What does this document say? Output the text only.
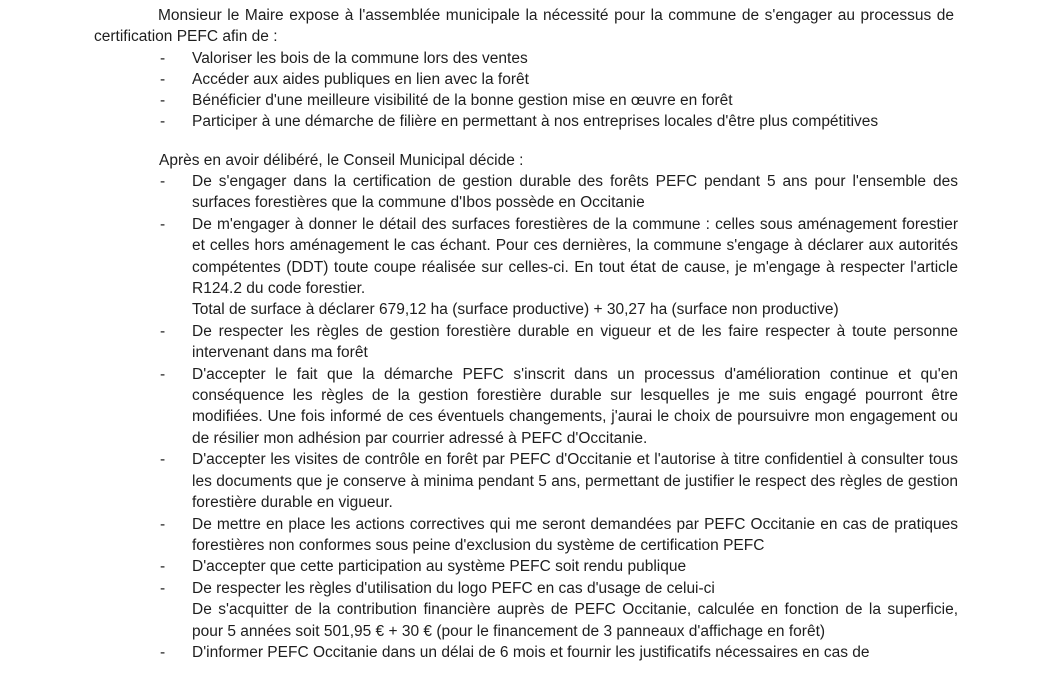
Monsieur le Maire expose à l'assemblée municipale la nécessité pour la commune de s'engager au processus de certification PEFC afin de :
- Valoriser les bois de la commune lors des ventes
- Accéder aux aides publiques en lien avec la forêt
- Bénéficier d'une meilleure visibilité de la bonne gestion mise en œuvre en forêt
- Participer à une démarche de filière en permettant à nos entreprises locales d'être plus compétitives
Après en avoir délibéré, le Conseil Municipal décide :
- De s'engager dans la certification de gestion durable des forêts PEFC pendant 5 ans pour l'ensemble des surfaces forestières que la commune d'Ibos possède en Occitanie
- De m'engager à donner le détail des surfaces forestières de la commune : celles sous aménagement forestier et celles hors aménagement le cas échant. Pour ces dernières, la commune s'engage à déclarer aux autorités compétentes (DDT) toute coupe réalisée sur celles-ci. En tout état de cause, je m'engage à respecter l'article R124.2 du code forestier.
Total de surface à déclarer 679,12 ha (surface productive) + 30,27 ha (surface non productive)
- De respecter les règles de gestion forestière durable en vigueur et de les faire respecter à toute personne intervenant dans ma forêt
- D'accepter le fait que la démarche PEFC s'inscrit dans un processus d'amélioration continue et qu'en conséquence les règles de la gestion forestière durable sur lesquelles je me suis engagé pourront être modifiées. Une fois informé de ces éventuels changements, j'aurai le choix de poursuivre mon engagement ou de résilier mon adhésion par courrier adressé à PEFC d'Occitanie.
- D'accepter les visites de contrôle en forêt par PEFC d'Occitanie et l'autorise à titre confidentiel à consulter tous les documents que je conserve à minima pendant 5 ans, permettant de justifier le respect des règles de gestion forestière durable en vigueur.
- De mettre en place les actions correctives qui me seront demandées par PEFC Occitanie en cas de pratiques forestières non conformes sous peine d'exclusion du système de certification PEFC
- D'accepter que cette participation au système PEFC soit rendu publique
- De respecter les règles d'utilisation du logo PEFC en cas d'usage de celui-ci
De s'acquitter de la contribution financière auprès de PEFC Occitanie, calculée en fonction de la superficie, pour 5 années soit 501,95 € + 30 € (pour le financement de 3 panneaux d'affichage en forêt)
- D'informer PEFC Occitanie dans un délai de 6 mois et fournir les justificatifs nécessaires en cas de
